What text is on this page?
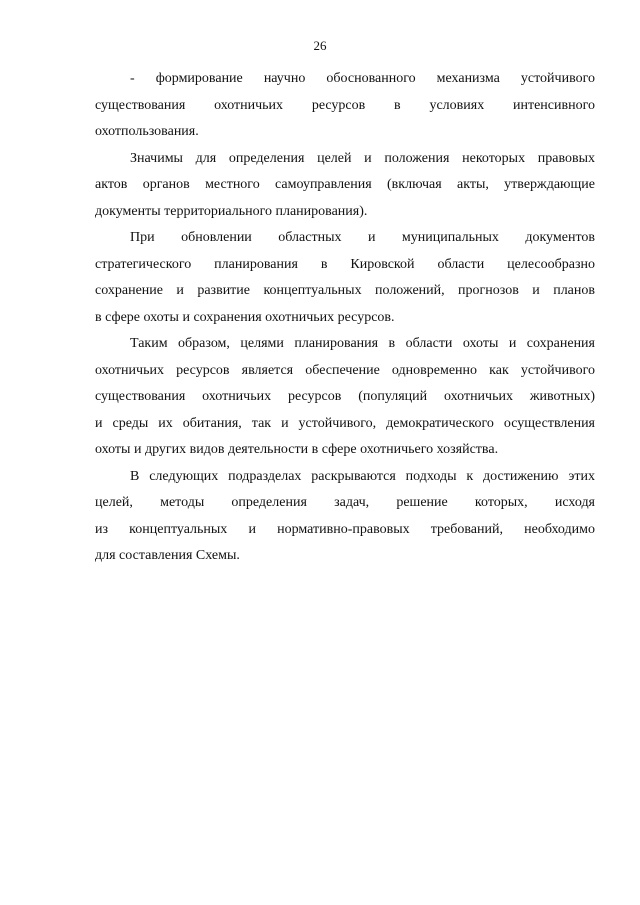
26
- формирование научно обоснованного механизма устойчивого
существования охотничьих ресурсов в условиях интенсивного
охотпользования.
Значимы для определения целей и положения некоторых правовых
актов органов местного самоуправления (включая акты, утверждающие
документы территориального планирования).
При обновлении областных и муниципальных документов
стратегического планирования в Кировской области целесообразно
сохранение и развитие концептуальных положений, прогнозов и планов
в сфере охоты и сохранения охотничьих ресурсов.
Таким образом, целями планирования в области охоты и сохранения
охотничьих ресурсов является обеспечение одновременно как устойчивого
существования охотничьих ресурсов (популяций охотничьих животных)
и среды их обитания, так и устойчивого, демократического осуществления
охоты и других видов деятельности в сфере охотничьего хозяйства.
В следующих подразделах раскрываются подходы к достижению этих
целей, методы определения задач, решение которых, исходя
из концептуальных и нормативно-правовых требований, необходимо
для составления Схемы.
